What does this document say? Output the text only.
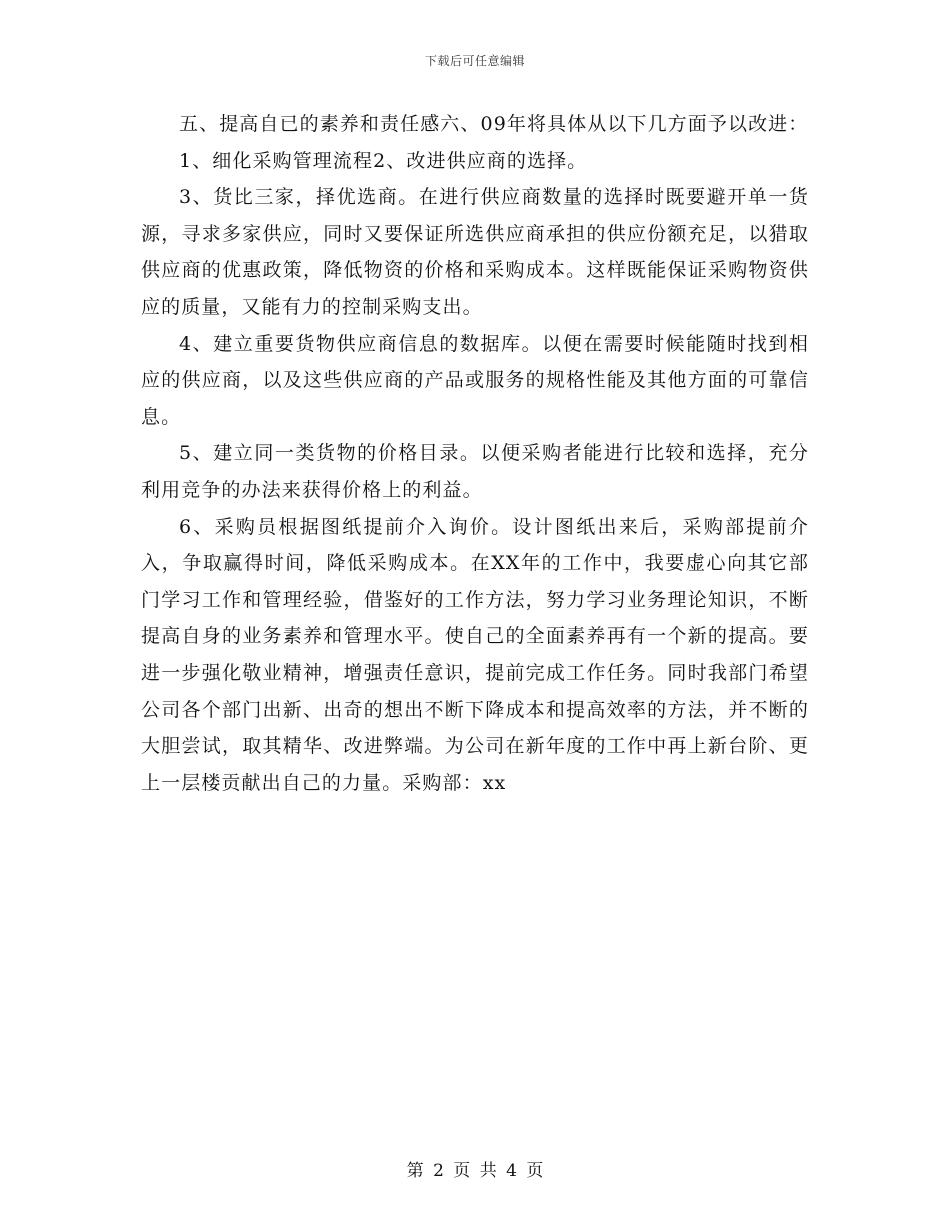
下载后可任意编辑

五、提高自已的素养和责任感六、09年将具体从以下几方面予以改进：

1、细化采购管理流程2、改进供应商的选择。

3、货比三家，择优选商。在进行供应商数量的选择时既要避开单一货源，寻求多家供应，同时又要保证所选供应商承担的供应份额充足，以猎取供应商的优惠政策，降低物资的价格和采购成本。这样既能保证采购物资供应的质量，又能有力的控制采购支出。

4、建立重要货物供应商信息的数据库。以便在需要时候能随时找到相应的供应商，以及这些供应商的产品或服务的规格性能及其他方面的可靠信息。

5、建立同一类货物的价格目录。以便采购者能进行比较和选择，充分利用竞争的办法来获得价格上的利益。

6、采购员根据图纸提前介入询价。设计图纸出来后，采购部提前介入，争取赢得时间，降低采购成本。在XX年的工作中，我要虚心向其它部门学习工作和管理经验，借鉴好的工作方法，努力学习业务理论知识，不断提高自身的业务素养和管理水平。使自己的全面素养再有一个新的提高。要进一步强化敬业精神，增强责任意识，提前完成工作任务。同时我部门希望公司各个部门出新、出奇的想出不断下降成本和提高效率的方法，并不断的大胆尝试，取其精华、改进弊端。为公司在新年度的工作中再上新台阶、更上一层楼贡献出自己的力量。采购部：xx

第 2 页 共 4 页
